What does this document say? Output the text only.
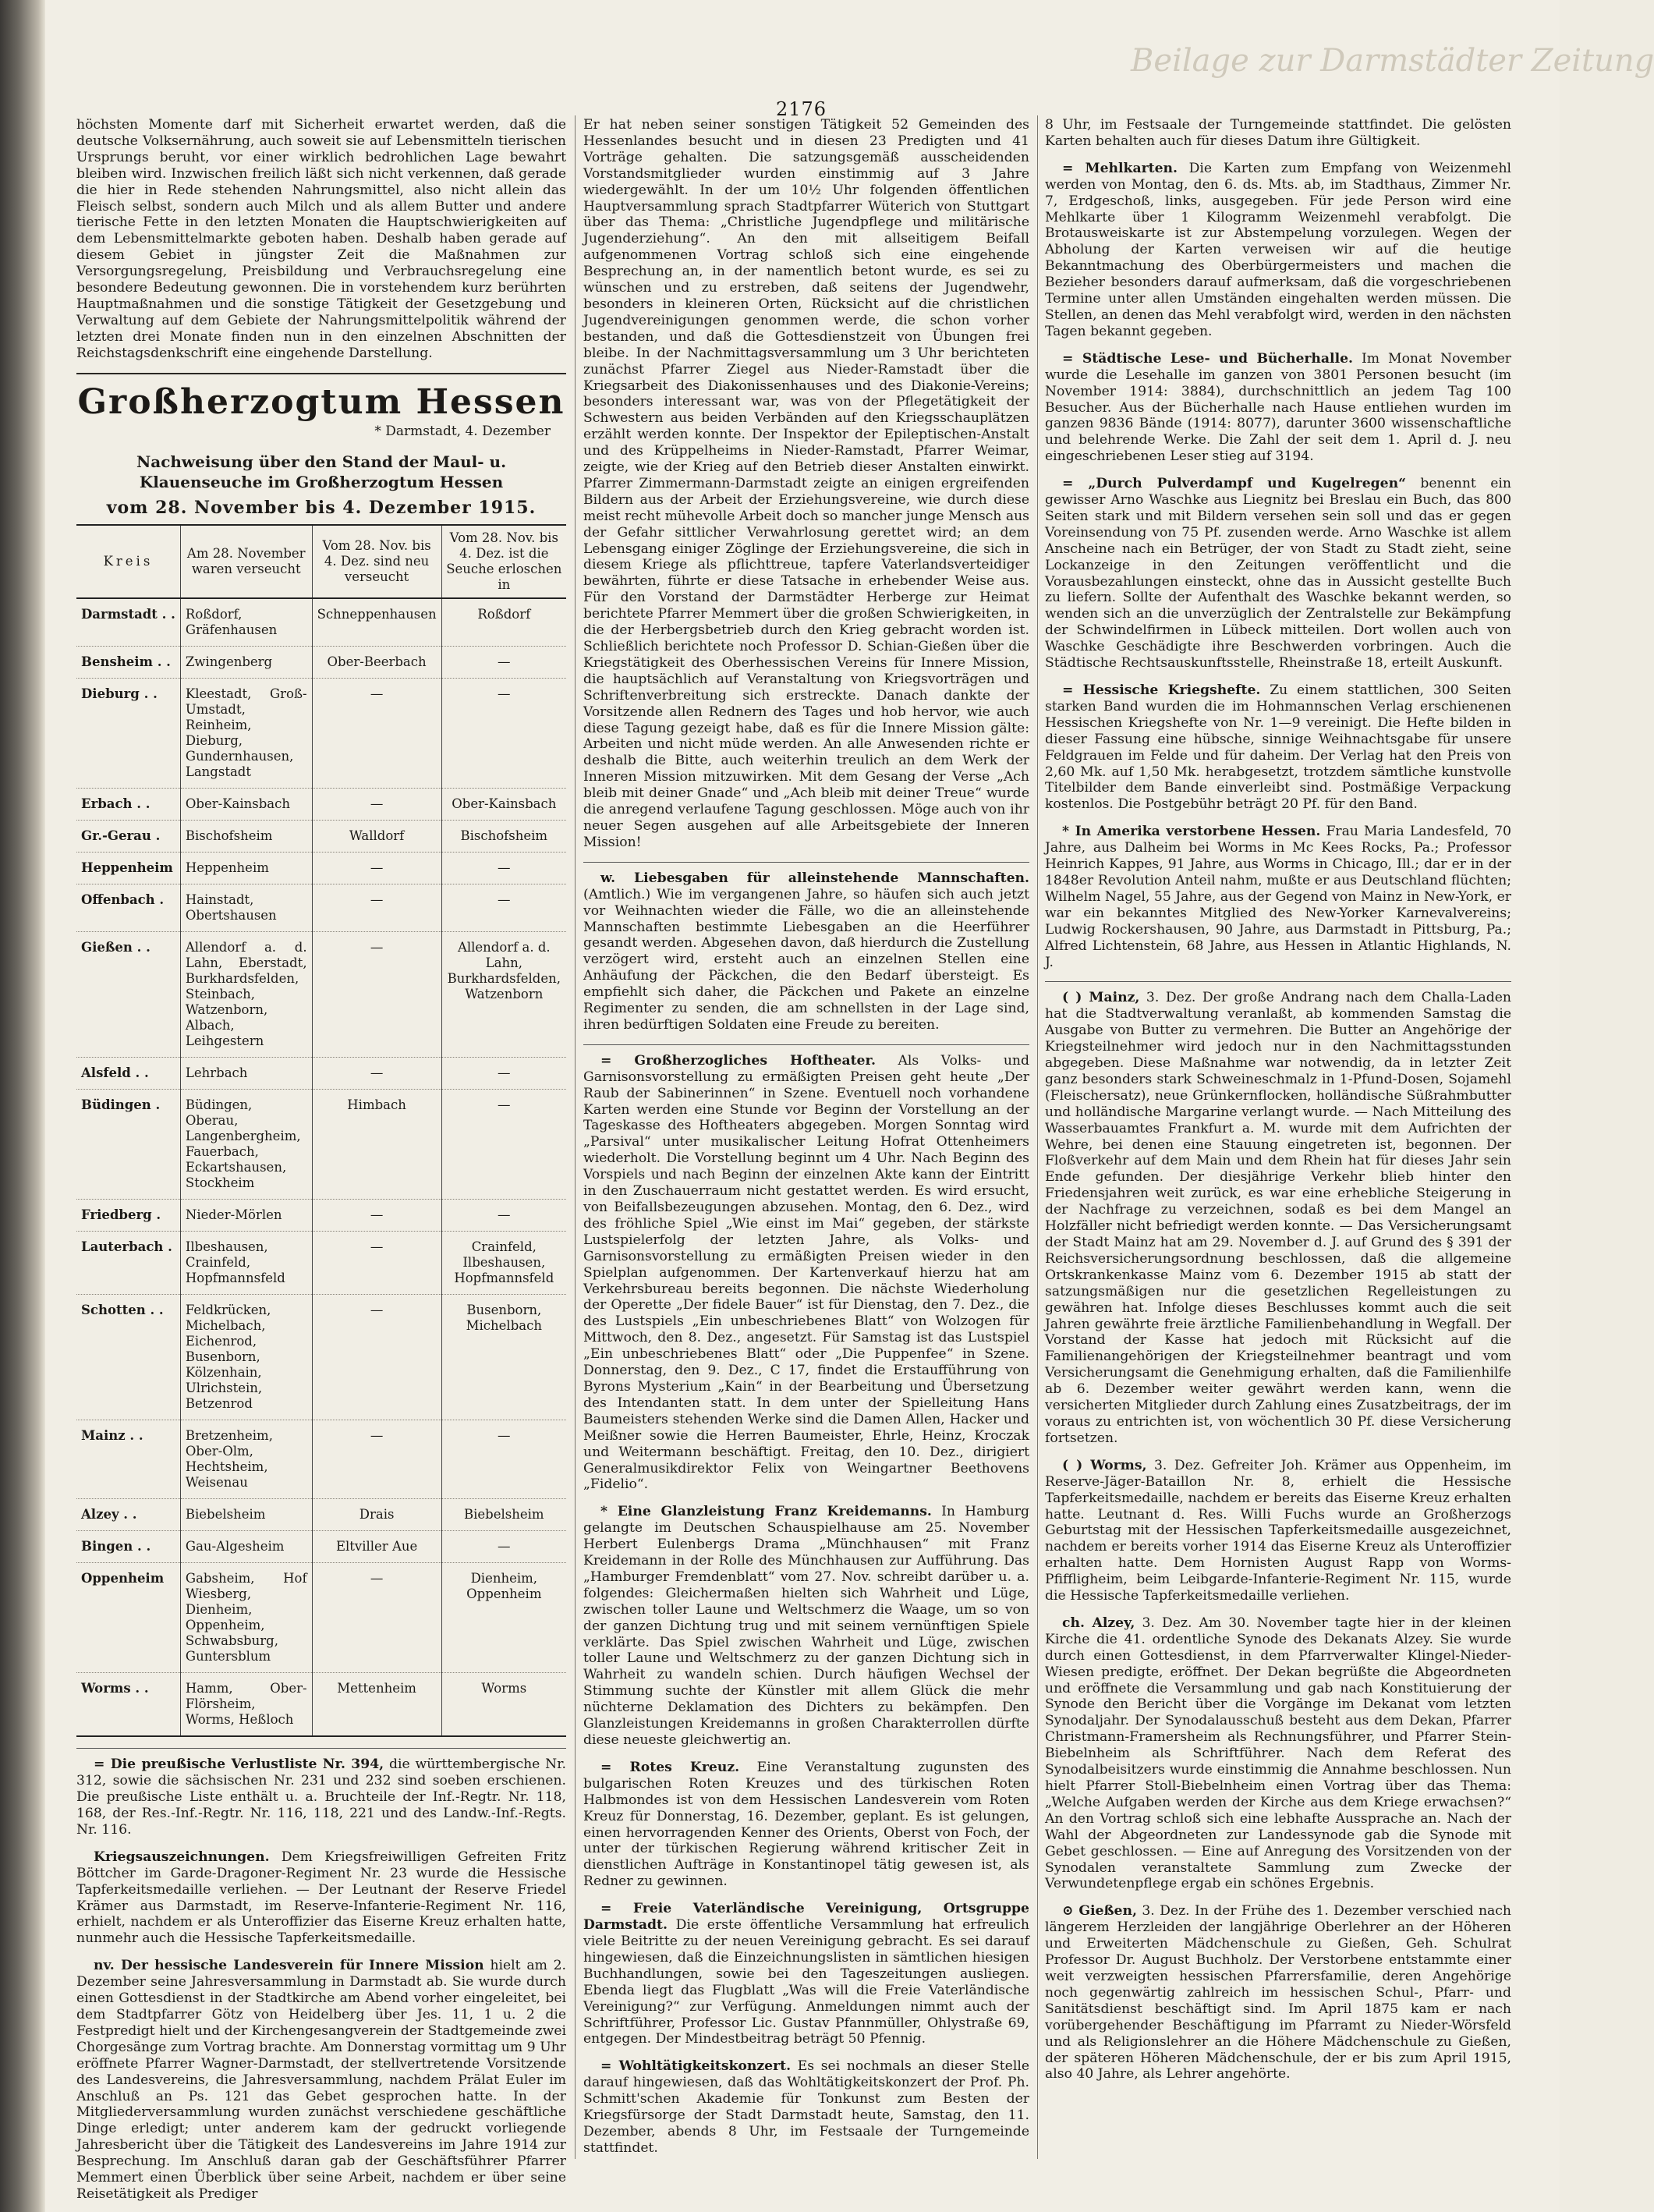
Beilage zur Darmstädter Zeitung
2176

höchsten Momente darf mit Sicherheit erwartet werden, daß die deutsche Volksernährung, auch soweit sie auf Lebensmitteln tierischen Ursprungs beruht, vor einer wirklich bedrohlichen Lage bewahrt bleiben wird. Inzwischen freilich läßt sich nicht verkennen, daß gerade die hier in Rede stehenden Nahrungsmittel, also nicht allein das Fleisch selbst, sondern auch Milch und als allem Butter und andere tierische Fette in den letzten Monaten die Hauptschwierigkeiten auf dem Lebensmittelmarkte geboten haben. Deshalb haben gerade auf diesem Gebiet in jüngster Zeit die Maßnahmen zur Versorgungsregelung, Preisbildung und Verbrauchsregelung eine besondere Bedeutung gewonnen. Die in vorstehendem kurz berührten Hauptmaßnahmen und die sonstige Tätigkeit der Gesetzgebung und Verwaltung auf dem Gebiete der Nahrungsmittelpolitik während der letzten drei Monate finden nun in den einzelnen Abschnitten der Reichstagsdenkschrift eine eingehende Darstellung.

Großherzogtum Hessen
* Darmstadt, 4. Dezember
Nachweisung über den Stand der Maul- u. Klauenseuche im Großherzogtum Hessen
vom 28. November bis 4. Dezember 1915.
Kreis	Am 28. November waren verseucht	Vom 28. Nov. bis 4. Dez. sind neu verseucht	Vom 28. Nov. bis 4. Dez. ist die Seuche erloschen in
Darmstadt . .	Roßdorf, Gräfenhausen	Schneppenhausen	Roßdorf
Bensheim . .	Zwingenberg	Ober-Beerbach	—
Dieburg . .	Kleestadt, Groß-Umstadt, Reinheim, Dieburg, Gundernhausen, Langstadt	—	—
Erbach . .	Ober-Kainsbach	—	Ober-Kainsbach
Gr.-Gerau .	Bischofsheim	Walldorf	Bischofsheim
Heppenheim	Heppenheim	—	—
Offenbach .	Hainstadt, Obertshausen	—	—
Gießen . .	Allendorf a. d. Lahn, Eberstadt, Burkhardsfelden, Steinbach, Watzenborn, Albach, Leihgestern	—	Allendorf a. d. Lahn, Burkhardsfelden, Watzenborn
Alsfeld . .	Lehrbach	—	—
Büdingen .	Büdingen, Oberau, Langenbergheim, Fauerbach, Eckartshausen, Stockheim	Himbach	—
Friedberg .	Nieder-Mörlen	—	—
Lauterbach .	Ilbeshausen, Crainfeld, Hopfmannsfeld	—	Crainfeld, Ilbeshausen, Hopfmannsfeld
Schotten . .	Feldkrücken, Michelbach, Eichenrod, Busenborn, Kölzenhain, Ulrichstein, Betzenrod	—	Busenborn, Michelbach
Mainz . .	Bretzenheim, Ober-Olm, Hechtsheim, Weisenau	—	—
Alzey . .	Biebelsheim	Drais	Biebelsheim
Bingen . .	Gau-Algesheim	Eltviller Aue	—
Oppenheim	Gabsheim, Hof Wiesberg, Dienheim, Oppenheim, Schwabsburg, Guntersblum	—	Dienheim, Oppenheim
Worms . .	Hamm, Ober-Flörsheim, Worms, Heßloch	Mettenheim	Worms

= Die preußische Verlustliste Nr. 394, die württembergische Nr. 312, sowie die sächsischen Nr. 231 und 232 sind soeben erschienen. Die preußische Liste enthält u. a. Bruchteile der Inf.-Regtr. Nr. 118, 168, der Res.-Inf.-Regtr. Nr. 116, 118, 221 und des Landw.-Inf.-Regts. Nr. 116.

Kriegsauszeichnungen. Dem Kriegsfreiwilligen Gefreiten Fritz Böttcher im Garde-Dragoner-Regiment Nr. 23 wurde die Hessische Tapferkeitsmedaille verliehen. — Der Leutnant der Reserve Friedel Krämer aus Darmstadt, im Reserve-Infanterie-Regiment Nr. 116, erhielt, nachdem er als Unteroffizier das Eiserne Kreuz erhalten hatte, nunmehr auch die Hessische Tapferkeitsmedaille.

nv. Der hessische Landesverein für Innere Mission hielt am 2. Dezember seine Jahresversammlung in Darmstadt ab. Sie wurde durch einen Gottesdienst in der Stadtkirche am Abend vorher eingeleitet, bei dem Stadtpfarrer Götz von Heidelberg über Jes. 11, 1 u. 2 die Festpredigt hielt und der Kirchengesangverein der Stadtgemeinde zwei Chorgesänge zum Vortrag brachte. Am Donnerstag vormittag um 9 Uhr eröffnete Pfarrer Wagner-Darmstadt, der stellvertretende Vorsitzende des Landesvereins, die Jahresversammlung, nachdem Prälat Euler im Anschluß an Ps. 121 das Gebet gesprochen hatte. In der Mitgliederversammlung wurden zunächst verschiedene geschäftliche Dinge erledigt; unter anderem kam der gedruckt vorliegende Jahresbericht über die Tätigkeit des Landesvereins im Jahre 1914 zur Besprechung. Im Anschluß daran gab der Geschäftsführer Pfarrer Memmert einen Überblick über seine Arbeit, nachdem er über seine Reisetätigkeit als Prediger

Er hat neben seiner sonstigen Tätigkeit 52 Gemeinden des Hessenlandes besucht und in diesen 23 Predigten und 41 Vorträge gehalten. Die satzungsgemäß ausscheidenden Vorstandsmitglieder wurden einstimmig auf 3 Jahre wiedergewählt. In der um 10½ Uhr folgenden öffentlichen Hauptversammlung sprach Stadtpfarrer Wüterich von Stuttgart über das Thema: „Christliche Jugendpflege und militärische Jugenderziehung“. An den mit allseitigem Beifall aufgenommenen Vortrag schloß sich eine eingehende Besprechung an, in der namentlich betont wurde, es sei zu wünschen und zu erstreben, daß seitens der Jugendwehr, besonders in kleineren Orten, Rücksicht auf die christlichen Jugendvereinigungen genommen werde, die schon vorher bestanden, und daß die Gottesdienstzeit von Übungen frei bleibe. In der Nachmittagsversammlung um 3 Uhr berichteten zunächst Pfarrer Ziegel aus Nieder-Ramstadt über die Kriegsarbeit des Diakonissenhauses und des Diakonie-Vereins; besonders interessant war, was von der Pflegetätigkeit der Schwestern aus beiden Verbänden auf den Kriegsschauplätzen erzählt werden konnte. Der Inspektor der Epileptischen-Anstalt und des Krüppelheims in Nieder-Ramstadt, Pfarrer Weimar, zeigte, wie der Krieg auf den Betrieb dieser Anstalten einwirkt. Pfarrer Zimmermann-Darmstadt zeigte an einigen ergreifenden Bildern aus der Arbeit der Erziehungsvereine, wie durch diese meist recht mühevolle Arbeit doch so mancher junge Mensch aus der Gefahr sittlicher Verwahrlosung gerettet wird; an dem Lebensgang einiger Zöglinge der Erziehungsvereine, die sich in diesem Kriege als pflichttreue, tapfere Vaterlandsverteidiger bewährten, führte er diese Tatsache in erhebender Weise aus. Für den Vorstand der Darmstädter Herberge zur Heimat berichtete Pfarrer Memmert über die großen Schwierigkeiten, in die der Herbergsbetrieb durch den Krieg gebracht worden ist. Schließlich berichtete noch Professor D. Schian-Gießen über die Kriegstätigkeit des Oberhessischen Vereins für Innere Mission, die hauptsächlich auf Veranstaltung von Kriegsvorträgen und Schriftenverbreitung sich erstreckte. Danach dankte der Vorsitzende allen Rednern des Tages und hob hervor, wie auch diese Tagung gezeigt habe, daß es für die Innere Mission gälte: Arbeiten und nicht müde werden. An alle Anwesenden richte er deshalb die Bitte, auch weiterhin treulich an dem Werk der Inneren Mission mitzuwirken. Mit dem Gesang der Verse „Ach bleib mit deiner Gnade“ und „Ach bleib mit deiner Treue“ wurde die anregend verlaufene Tagung geschlossen. Möge auch von ihr neuer Segen ausgehen auf alle Arbeitsgebiete der Inneren Mission!

w. Liebesgaben für alleinstehende Mannschaften. (Amtlich.) Wie im vergangenen Jahre, so häufen sich auch jetzt vor Weihnachten wieder die Fälle, wo die an alleinstehende Mannschaften bestimmte Liebesgaben an die Heerführer gesandt werden. Abgesehen davon, daß hierdurch die Zustellung verzögert wird, ersteht auch an einzelnen Stellen eine Anhäufung der Päckchen, die den Bedarf übersteigt. Es empfiehlt sich daher, die Päckchen und Pakete an einzelne Regimenter zu senden, die am schnellsten in der Lage sind, ihren bedürftigen Soldaten eine Freude zu bereiten.

= Großherzogliches Hoftheater. Als Volks- und Garnisonsvorstellung zu ermäßigten Preisen geht heute „Der Raub der Sabinerinnen“ in Szene. Eventuell noch vorhandene Karten werden eine Stunde vor Beginn der Vorstellung an der Tageskasse des Hoftheaters abgegeben. Morgen Sonntag wird „Parsival“ unter musikalischer Leitung Hofrat Ottenheimers wiederholt. Die Vorstellung beginnt um 4 Uhr. Nach Beginn des Vorspiels und nach Beginn der einzelnen Akte kann der Eintritt in den Zuschauerraum nicht gestattet werden. Es wird ersucht, von Beifallsbezeugungen abzusehen. Montag, den 6. Dez., wird des fröhliche Spiel „Wie einst im Mai“ gegeben, der stärkste Lustspielerfolg der letzten Jahre, als Volks- und Garnisonsvorstellung zu ermäßigten Preisen wieder in den Spielplan aufgenommen. Der Kartenverkauf hierzu hat am Verkehrsbureau bereits begonnen. Die nächste Wiederholung der Operette „Der fidele Bauer“ ist für Dienstag, den 7. Dez., die des Lustspiels „Ein unbeschriebenes Blatt“ von Wolzogen für Mittwoch, den 8. Dez., angesetzt. Für Samstag ist das Lustspiel „Ein unbeschriebenes Blatt“ oder „Die Puppenfee“ in Szene. Donnerstag, den 9. Dez., C 17, findet die Erstaufführung von Byrons Mysterium „Kain“ in der Bearbeitung und Übersetzung des Intendanten statt. In dem unter der Spielleitung Hans Baumeisters stehenden Werke sind die Damen Allen, Hacker und Meißner sowie die Herren Baumeister, Ehrle, Heinz, Kroczak und Weitermann beschäftigt. Freitag, den 10. Dez., dirigiert Generalmusikdirektor Felix von Weingartner Beethovens „Fidelio“.

* Eine Glanzleistung Franz Kreidemanns. In Hamburg gelangte im Deutschen Schauspielhause am 25. November Herbert Eulenbergs Drama „Münchhausen“ mit Franz Kreidemann in der Rolle des Münchhausen zur Aufführung. Das „Hamburger Fremdenblatt“ vom 27. Nov. schreibt darüber u. a. folgendes: Gleichermaßen hielten sich Wahrheit und Lüge, zwischen toller Laune und Weltschmerz die Waage, um so von der ganzen Dichtung trug und mit seinem vernünftigen Spiele verklärte. Das Spiel zwischen Wahrheit und Lüge, zwischen toller Laune und Weltschmerz zu der ganzen Dichtung sich in Wahrheit zu wandeln schien. Durch häufigen Wechsel der Stimmung suchte der Künstler mit allem Glück die mehr nüchterne Deklamation des Dichters zu bekämpfen. Den Glanzleistungen Kreidemanns in großen Charakterrollen dürfte diese neueste gleichwertig an.

= Rotes Kreuz. Eine Veranstaltung zugunsten des bulgarischen Roten Kreuzes und des türkischen Roten Halbmondes ist von dem Hessischen Landesverein vom Roten Kreuz für Donnerstag, 16. Dezember, geplant. Es ist gelungen, einen hervorragenden Kenner des Orients, Oberst von Foch, der unter der türkischen Regierung während kritischer Zeit in dienstlichen Aufträge in Konstantinopel tätig gewesen ist, als Redner zu gewinnen.

= Freie Vaterländische Vereinigung, Ortsgruppe Darmstadt. Die erste öffentliche Versammlung hat erfreulich viele Beitritte zu der neuen Vereinigung gebracht. Es sei darauf hingewiesen, daß die Einzeichnungslisten in sämtlichen hiesigen Buchhandlungen, sowie bei den Tageszeitungen ausliegen. Ebenda liegt das Flugblatt „Was will die Freie Vaterländische Vereinigung?“ zur Verfügung. Anmeldungen nimmt auch der Schriftführer, Professor Lic. Gustav Pfannmüller, Ohlystraße 69, entgegen. Der Mindestbeitrag beträgt 50 Pfennig.

= Wohltätigkeitskonzert. Es sei nochmals an dieser Stelle darauf hingewiesen, daß das Wohltätigkeitskonzert der Prof. Ph. Schmitt'schen Akademie für Tonkunst zum Besten der Kriegsfürsorge der Stadt Darmstadt heute, Samstag, den 11. Dezember, abends 8 Uhr, im Festsaale der Turngemeinde stattfindet.

8 Uhr, im Festsaale der Turngemeinde stattfindet. Die gelösten Karten behalten auch für dieses Datum ihre Gültigkeit.

= Mehlkarten. Die Karten zum Empfang von Weizenmehl werden von Montag, den 6. ds. Mts. ab, im Stadthaus, Zimmer Nr. 7, Erdgeschoß, links, ausgegeben. Für jede Person wird eine Mehlkarte über 1 Kilogramm Weizenmehl verabfolgt. Die Brotausweiskarte ist zur Abstempelung vorzulegen. Wegen der Abholung der Karten verweisen wir auf die heutige Bekanntmachung des Oberbürgermeisters und machen die Bezieher besonders darauf aufmerksam, daß die vorgeschriebenen Termine unter allen Umständen eingehalten werden müssen. Die Stellen, an denen das Mehl verabfolgt wird, werden in den nächsten Tagen bekannt gegeben.

= Städtische Lese- und Bücherhalle. Im Monat November wurde die Lesehalle im ganzen von 3801 Personen besucht (im November 1914: 3884), durchschnittlich an jedem Tag 100 Besucher. Aus der Bücherhalle nach Hause entliehen wurden im ganzen 9836 Bände (1914: 8077), darunter 3600 wissenschaftliche und belehrende Werke. Die Zahl der seit dem 1. April d. J. neu eingeschriebenen Leser stieg auf 3194.

= „Durch Pulverdampf und Kugelregen“ benennt ein gewisser Arno Waschke aus Liegnitz bei Breslau ein Buch, das 800 Seiten stark und mit Bildern versehen sein soll und das er gegen Voreinsendung von 75 Pf. zusenden werde. Arno Waschke ist allem Anscheine nach ein Betrüger, der von Stadt zu Stadt zieht, seine Lockanzeige in den Zeitungen veröffentlicht und die Vorausbezahlungen einsteckt, ohne das in Aussicht gestellte Buch zu liefern. Sollte der Aufenthalt des Waschke bekannt werden, so wenden sich an die unverzüglich der Zentralstelle zur Bekämpfung der Schwindelfirmen in Lübeck mitteilen. Dort wollen auch von Waschke Geschädigte ihre Beschwerden vorbringen. Auch die Städtische Rechtsauskunftsstelle, Rheinstraße 18, erteilt Auskunft.

= Hessische Kriegshefte. Zu einem stattlichen, 300 Seiten starken Band wurden die im Hohmannschen Verlag erschienenen Hessischen Kriegshefte von Nr. 1—9 vereinigt. Die Hefte bilden in dieser Fassung eine hübsche, sinnige Weihnachtsgabe für unsere Feldgrauen im Felde und für daheim. Der Verlag hat den Preis von 2,60 Mk. auf 1,50 Mk. herabgesetzt, trotzdem sämtliche kunstvolle Titelbilder dem Bande einverleibt sind. Postmäßige Verpackung kostenlos. Die Postgebühr beträgt 20 Pf. für den Band.

* In Amerika verstorbene Hessen. Frau Maria Landesfeld, 70 Jahre, aus Dalheim bei Worms in Mc Kees Rocks, Pa.; Professor Heinrich Kappes, 91 Jahre, aus Worms in Chicago, Ill.; dar er in der 1848er Revolution Anteil nahm, mußte er aus Deutschland flüchten; Wilhelm Nagel, 55 Jahre, aus der Gegend von Mainz in New-York, er war ein bekanntes Mitglied des New-Yorker Karnevalvereins; Ludwig Rockershausen, 90 Jahre, aus Darmstadt in Pittsburg, Pa.; Alfred Lichtenstein, 68 Jahre, aus Hessen in Atlantic Highlands, N. J.

( ) Mainz, 3. Dez. Der große Andrang nach dem Challa-Laden hat die Stadtverwaltung veranlaßt, ab kommenden Samstag die Ausgabe von Butter zu vermehren. Die Butter an Angehörige der Kriegsteilnehmer wird jedoch nur in den Nachmittagsstunden abgegeben. Diese Maßnahme war notwendig, da in letzter Zeit ganz besonders stark Schweineschmalz in 1-Pfund-Dosen, Sojamehl (Fleischersatz), neue Grünkernflocken, holländische Süßrahmbutter und holländische Margarine verlangt wurde. — Nach Mitteilung des Wasserbauamtes Frankfurt a. M. wurde mit dem Aufrichten der Wehre, bei denen eine Stauung eingetreten ist, begonnen. Der Floßverkehr auf dem Main und dem Rhein hat für dieses Jahr sein Ende gefunden. Der diesjährige Verkehr blieb hinter den Friedensjahren weit zurück, es war eine erhebliche Steigerung in der Nachfrage zu verzeichnen, sodaß es bei dem Mangel an Holzfäller nicht befriedigt werden konnte. — Das Versicherungsamt der Stadt Mainz hat am 29. November d. J. auf Grund des § 391 der Reichsversicherungsordnung beschlossen, daß die allgemeine Ortskrankenkasse Mainz vom 6. Dezember 1915 ab statt der satzungsmäßigen nur die gesetzlichen Regelleistungen zu gewähren hat. Infolge dieses Beschlusses kommt auch die seit Jahren gewährte freie ärztliche Familienbehandlung in Wegfall. Der Vorstand der Kasse hat jedoch mit Rücksicht auf die Familienangehörigen der Kriegsteilnehmer beantragt und vom Versicherungsamt die Genehmigung erhalten, daß die Familienhilfe ab 6. Dezember weiter gewährt werden kann, wenn die versicherten Mitglieder durch Zahlung eines Zusatzbeitrags, der im voraus zu entrichten ist, von wöchentlich 30 Pf. diese Versicherung fortsetzen.

( ) Worms, 3. Dez. Gefreiter Joh. Krämer aus Oppenheim, im Reserve-Jäger-Bataillon Nr. 8, erhielt die Hessische Tapferkeitsmedaille, nachdem er bereits das Eiserne Kreuz erhalten hatte. Leutnant d. Res. Willi Fuchs wurde an Großherzogs Geburtstag mit der Hessischen Tapferkeitsmedaille ausgezeichnet, nachdem er bereits vorher 1914 das Eiserne Kreuz als Unteroffizier erhalten hatte. Dem Hornisten August Rapp von Worms-Pfiffligheim, beim Leibgarde-Infanterie-Regiment Nr. 115, wurde die Hessische Tapferkeitsmedaille verliehen.

ch. Alzey, 3. Dez. Am 30. November tagte hier in der kleinen Kirche die 41. ordentliche Synode des Dekanats Alzey. Sie wurde durch einen Gottesdienst, in dem Pfarrverwalter Klingel-Nieder-Wiesen predigte, eröffnet. Der Dekan begrüßte die Abgeordneten und eröffnete die Versammlung und gab nach Konstituierung der Synode den Bericht über die Vorgänge im Dekanat vom letzten Synodaljahr. Der Synodalausschuß besteht aus dem Dekan, Pfarrer Christmann-Framersheim als Rechnungsführer, und Pfarrer Stein-Biebelnheim als Schriftführer. Nach dem Referat des Synodalbeisitzers wurde einstimmig die Annahme beschlossen. Nun hielt Pfarrer Stoll-Biebelnheim einen Vortrag über das Thema: „Welche Aufgaben werden der Kirche aus dem Kriege erwachsen?“ An den Vortrag schloß sich eine lebhafte Aussprache an. Nach der Wahl der Abgeordneten zur Landessynode gab die Synode mit Gebet geschlossen. — Eine auf Anregung des Vorsitzenden von der Synodalen veranstaltete Sammlung zum Zwecke der Verwundetenpflege ergab ein schönes Ergebnis.

⊙ Gießen, 3. Dez. In der Frühe des 1. Dezember verschied nach längerem Herzleiden der langjährige Oberlehrer an der Höheren und Erweiterten Mädchenschule zu Gießen, Geh. Schulrat Professor Dr. August Buchholz. Der Verstorbene entstammte einer weit verzweigten hessischen Pfarrersfamilie, deren Angehörige noch gegenwärtig zahlreich im hessischen Schul-, Pfarr- und Sanitätsdienst beschäftigt sind. Im April 1875 kam er nach vorübergehender Beschäftigung im Pfarramt zu Nieder-Wörsfeld und als Religionslehrer an die Höhere Mädchenschule zu Gießen, der späteren Höheren Mädchenschule, der er bis zum April 1915, also 40 Jahre, als Lehrer angehörte.
